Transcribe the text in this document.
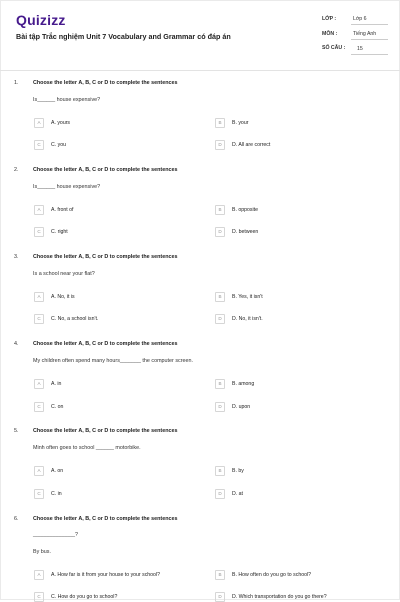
Quizizz
Bài tập Trắc nghiệm Unit 7 Vocabulary and Grammar có đáp án
LỚP :	Lớp 6
MÔN :	Tiếng Anh
SỐ CÂU : 15
1.	Choose the letter A, B, C or D to complete the sentences
Is______ house expensive?
A	A. yours	B	B. your
C	C. you	D	D. All are correct
2.	Choose the letter A, B, C or D to complete the sentences
Is______ house expensive?
A	A. front of	B	B. opposite
C	C. right	D	D. between
3.	Choose the letter A, B, C or D to complete the sentences
Is a school near your flat?
A	A. No, it is	B	B. Yes, it isn't
C	C. No, a school isn't.	D	D. No, it isn't.
4.	Choose the letter A, B, C or D to complete the sentences
My children often spend many hours_______ the computer screen.
A	A. in	B	B. among
C	C. on	D	D. upon
5.	Choose the letter A, B, C or D to complete the sentences
Minh often goes to school ______ motorbike.
A	A. on	B	B. by
C	C. in	D	D. at
6.	Choose the letter A, B, C or D to complete the sentences
______________?
By bus.
A	A. How far is it from your house to your school?	B	B. How often do you go to school?
C	C. How do you go to school?	D	D. Which transportation do you go there?
